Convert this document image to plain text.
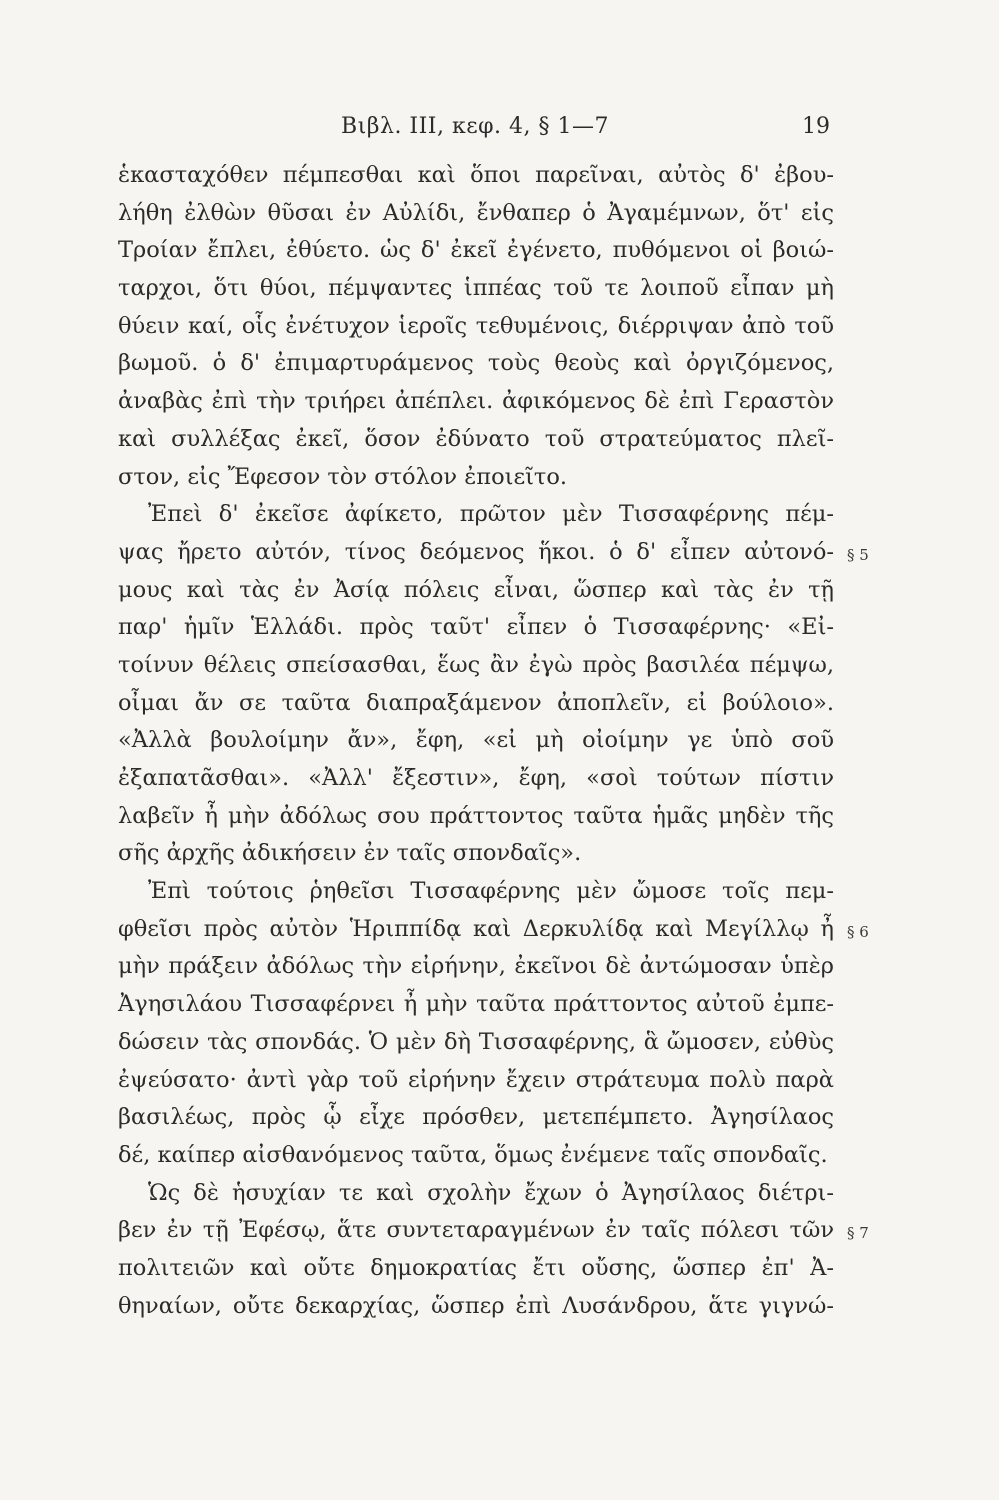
Βιβλ. III, κεφ. 4, § 1—7	19
ἑκασταχόθεν πέμπεσθαι καὶ ὅποι παρεῖναι, αὐτὸς δ' ἐβου-
λήθη ἐλθὼν θῦσαι ἐν Αὐλίδι, ἔνθαπερ ὁ Ἀγαμέμνων, ὅτ' εἰς
Τροίαν ἔπλει, ἐθύετο. ὡς δ' ἐκεῖ ἐγένετο, πυθόμενοι οἱ βοιώ-
ταρχοι, ὅτι θύοι, πέμψαντες ἱππέας τοῦ τε λοιποῦ εἶπαν μὴ
θύειν καί, οἷς ἐνέτυχον ἱεροῖς τεθυμένοις, διέρριψαν ἀπὸ τοῦ
βωμοῦ. ὁ δ' ἐπιμαρτυράμενος τοὺς θεοὺς καὶ ὀργιζόμενος,
ἀναβὰς ἐπὶ τὴν τριήρει ἀπέπλει. ἀφικόμενος δὲ ἐπὶ Γεραστὸν
καὶ συλλέξας ἐκεῖ, ὅσον ἐδύνατο τοῦ στρατεύματος πλεῖ-
στον, εἰς Ἔφεσον τὸν στόλον ἐποιεῖτο.
Ἐπεὶ δ' ἐκεῖσε ἀφίκετο, πρῶτον μὲν Τισσαφέρνης πέμ-
ψας ἤρετο αὐτόν, τίνος δεόμενος ἥκοι. ὁ δ' εἶπεν αὐτονό-
μους καὶ τὰς ἐν Ἀσίᾳ πόλεις εἶναι, ὥσπερ καὶ τὰς ἐν τῇ
παρ' ἡμῖν Ἑλλάδι. πρὸς ταῦτ' εἶπεν ὁ Τισσαφέρνης· «Εἰ-
τοίνυν θέλεις σπείσασθαι, ἕως ἂν ἐγὼ πρὸς βασιλέα πέμψω,
οἶμαι ἄν σε ταῦτα διαπραξάμενον ἀποπλεῖν, εἰ βούλοιο».
«Ἀλλὰ βουλοίμην ἄν», ἔφη, «εἰ μὴ οἰοίμην γε ὑπὸ σοῦ
ἐξαπατᾶσθαι». «Ἀλλ' ἔξεστιν», ἔφη, «σοὶ τούτων πίστιν
λαβεῖν ἦ μὴν ἀδόλως σου πράττοντος ταῦτα ἡμᾶς μηδὲν τῆς
σῆς ἀρχῆς ἀδικήσειν ἐν ταῖς σπονδαῖς».
Ἐπὶ τούτοις ῥηθεῖσι Τισσαφέρνης μὲν ὤμοσε τοῖς πεμ-
φθεῖσι πρὸς αὐτὸν Ἡριππίδᾳ καὶ Δερκυλίδᾳ καὶ Μεγίλλῳ ἦ
μὴν πράξειν ἀδόλως τὴν εἰρήνην, ἐκεῖνοι δὲ ἀντώμοσαν ὑπὲρ
Ἀγησιλάου Τισσαφέρνει ἦ μὴν ταῦτα πράττοντος αὐτοῦ ἐμπε-
δώσειν τὰς σπονδάς. Ὁ μὲν δὴ Τισσαφέρνης, ἃ ὤμοσεν, εὐθὺς
ἐψεύσατο· ἀντὶ γὰρ τοῦ εἰρήνην ἔχειν στράτευμα πολὺ παρὰ
βασιλέως, πρὸς ᾧ εἶχε πρόσθεν, μετεπέμπετο. Ἀγησίλαος
δέ, καίπερ αἰσθανόμενος ταῦτα, ὅμως ἐνέμενε ταῖς σπονδαῖς.
Ὡς δὲ ἡσυχίαν τε καὶ σχολὴν ἔχων ὁ Ἀγησίλαος διέτρι-
βεν ἐν τῇ Ἐφέσῳ, ἅτε συντεταραγμένων ἐν ταῖς πόλεσι τῶν
πολιτειῶν καὶ οὔτε δημοκρατίας ἔτι οὔσης, ὥσπερ ἐπ' Ἀ-
θηναίων, οὔτε δεκαρχίας, ὥσπερ ἐπὶ Λυσάνδρου, ἅτε γιγνώ-
§ 5
§ 6
§ 7
